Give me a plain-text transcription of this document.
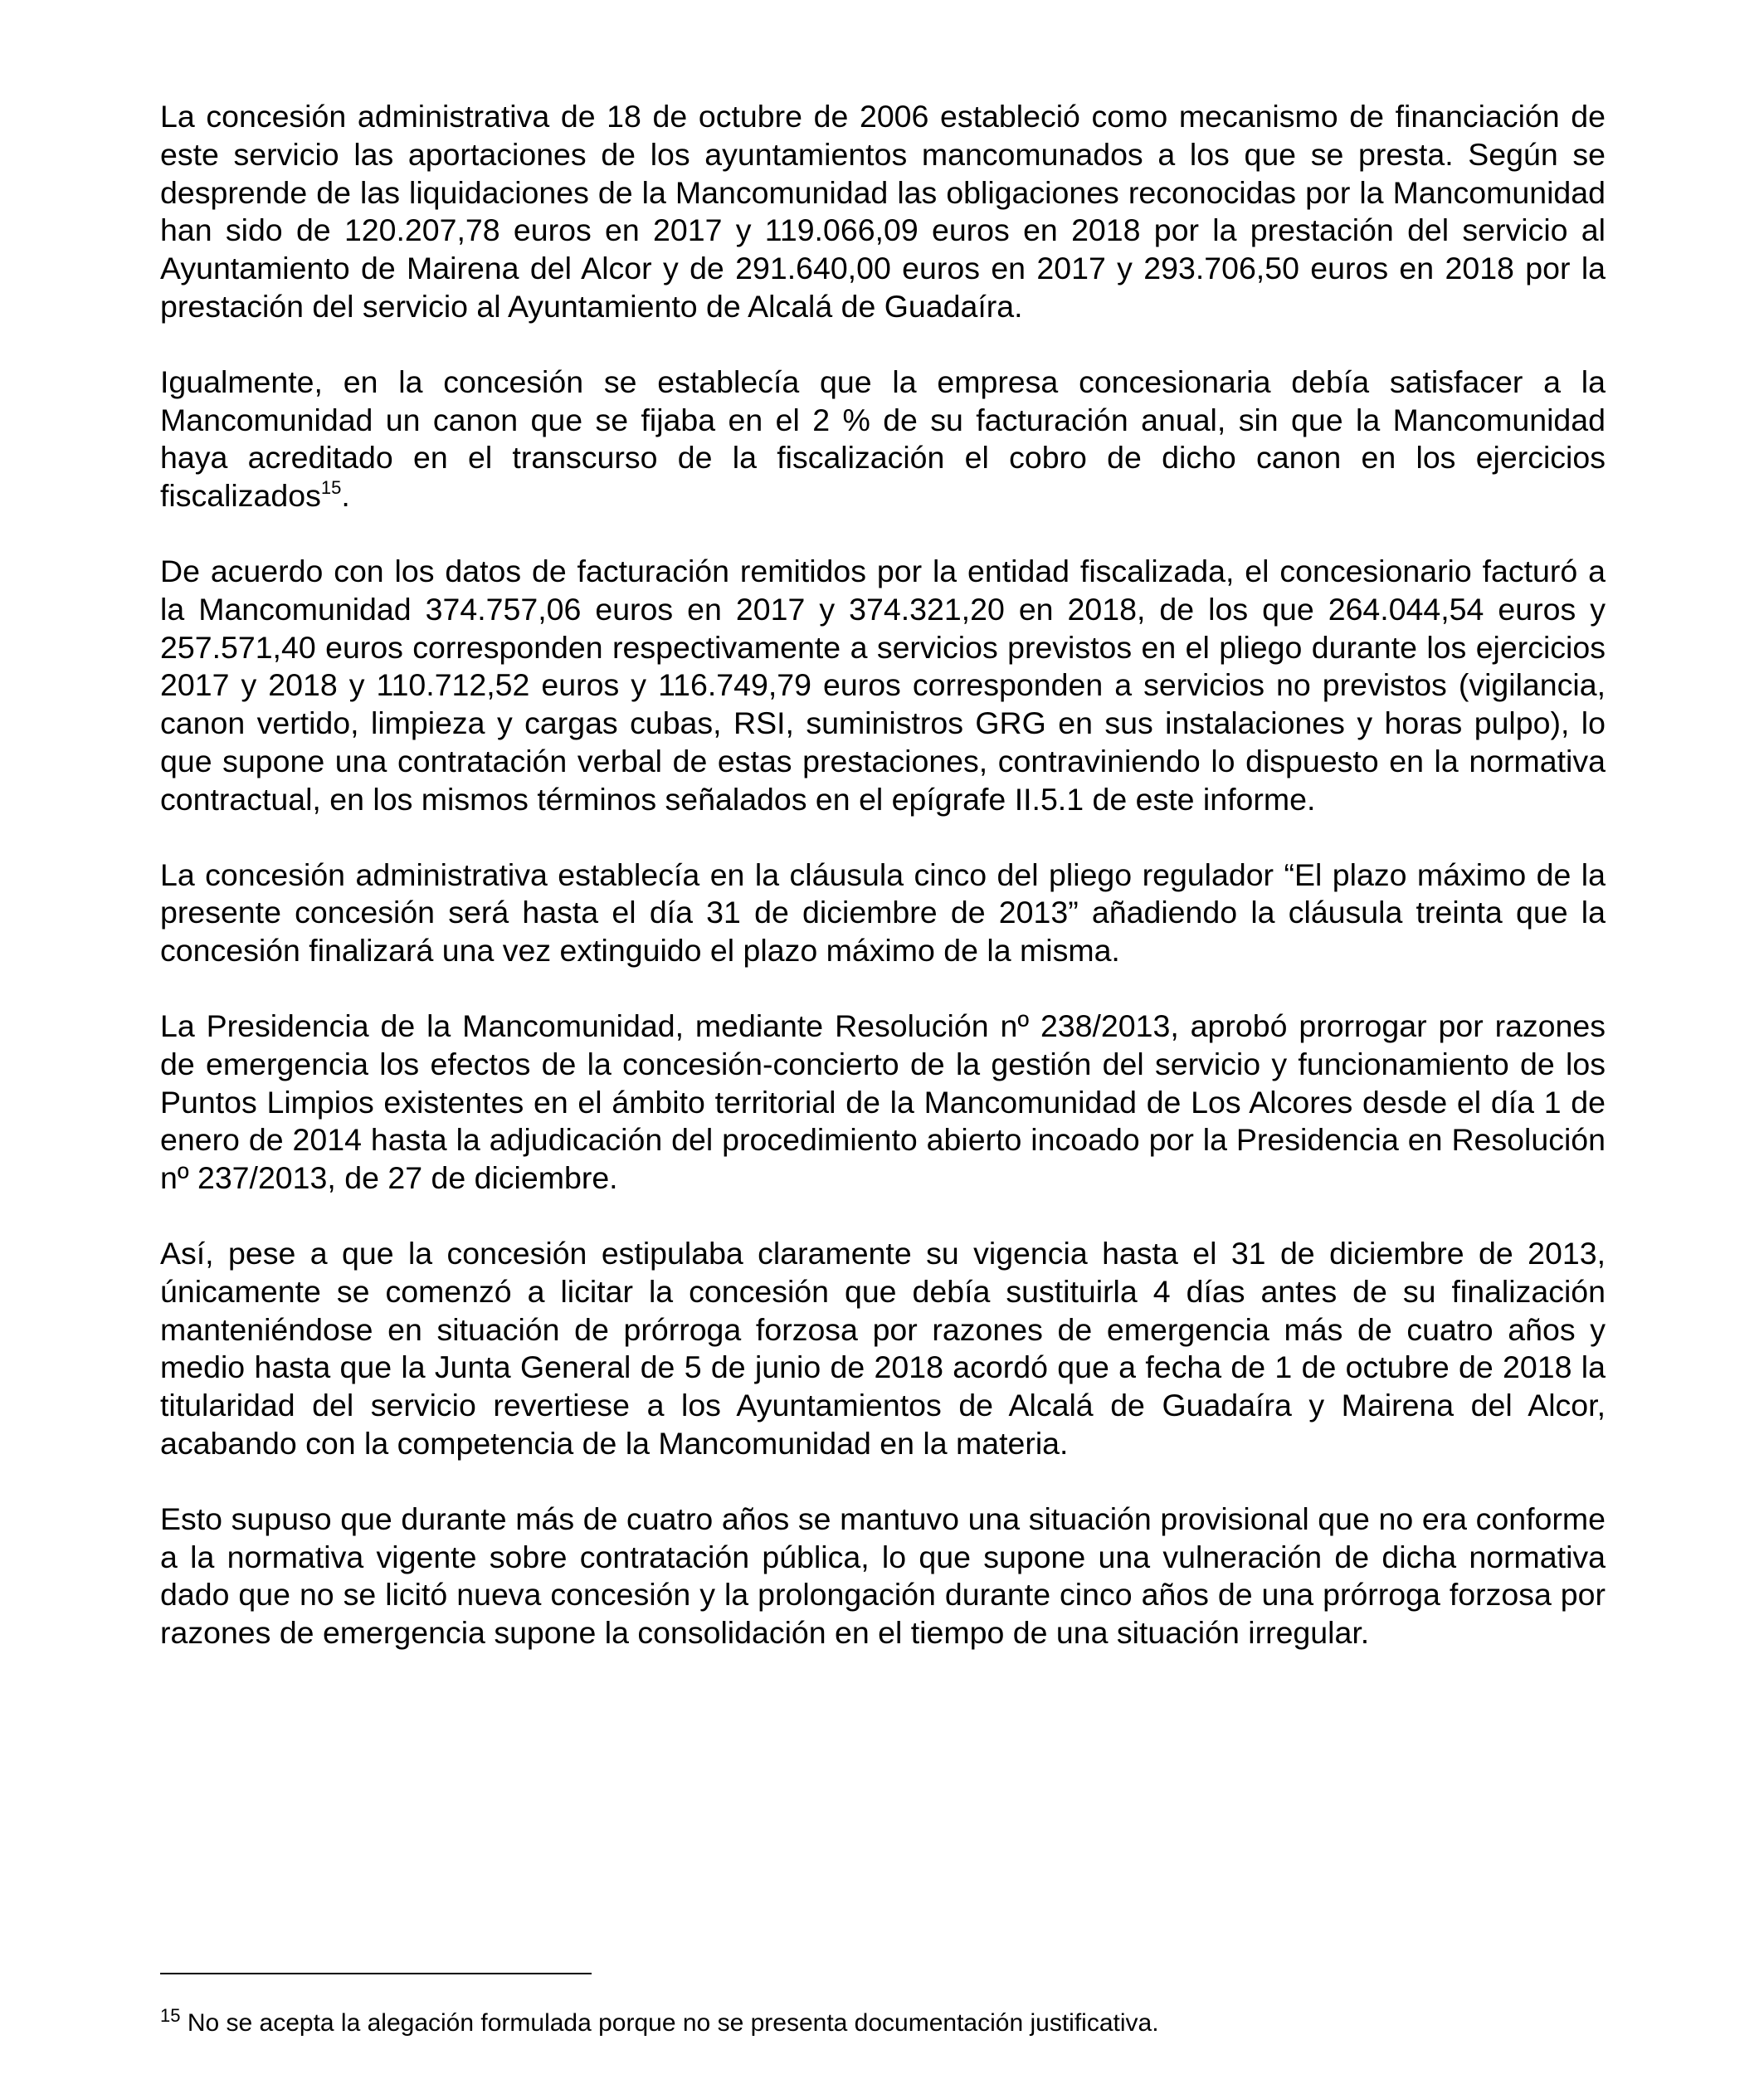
La concesión administrativa de 18 de octubre de 2006 estableció como mecanismo de financiación de este servicio las aportaciones de los ayuntamientos mancomunados a los que se presta. Según se desprende de las liquidaciones de la Mancomunidad las obligaciones reconocidas por la Mancomunidad han sido de 120.207,78 euros en 2017 y 119.066,09 euros en 2018 por la prestación del servicio al Ayuntamiento de Mairena del Alcor y de 291.640,00 euros en 2017 y 293.706,50 euros en 2018 por la prestación del servicio al Ayuntamiento de Alcalá de Guadaíra.

Igualmente, en la concesión se establecía que la empresa concesionaria debía satisfacer a la Mancomunidad un canon que se fijaba en el 2 % de su facturación anual, sin que la Mancomunidad haya acreditado en el transcurso de la fiscalización el cobro de dicho canon en los ejercicios fiscalizados$^{15}$.

De acuerdo con los datos de facturación remitidos por la entidad fiscalizada, el concesionario facturó a la Mancomunidad 374.757,06 euros en 2017 y 374.321,20 en 2018, de los que 264.044,54 euros y 257.571,40 euros corresponden respectivamente a servicios previstos en el pliego durante los ejercicios 2017 y 2018 y 110.712,52 euros y 116.749,79 euros corresponden a servicios no previstos (vigilancia, canon vertido, limpieza y cargas cubas, RSI, suministros GRG en sus instalaciones y horas pulpo), lo que supone una contratación verbal de estas prestaciones, contraviniendo lo dispuesto en la normativa contractual, en los mismos términos señalados en el epígrafe II.5.1 de este informe.

La concesión administrativa establecía en la cláusula cinco del pliego regulador “El plazo máximo de la presente concesión será hasta el día 31 de diciembre de 2013” añadiendo la cláusula treinta que la concesión finalizará una vez extinguido el plazo máximo de la misma.

La Presidencia de la Mancomunidad, mediante Resolución nº 238/2013, aprobó prorrogar por razones de emergencia los efectos de la concesión-concierto de la gestión del servicio y funcionamiento de los Puntos Limpios existentes en el ámbito territorial de la Mancomunidad de Los Alcores desde el día 1 de enero de 2014 hasta la adjudicación del procedimiento abierto incoado por la Presidencia en Resolución nº 237/2013, de 27 de diciembre.

Así, pese a que la concesión estipulaba claramente su vigencia hasta el 31 de diciembre de 2013, únicamente se comenzó a licitar la concesión que debía sustituirla 4 días antes de su finalización manteniéndose en situación de prórroga forzosa por razones de emergencia más de cuatro años y medio hasta que la Junta General de 5 de junio de 2018 acordó que a fecha de 1 de octubre de 2018 la titularidad del servicio revertiese a los Ayuntamientos de Alcalá de Guadaíra y Mairena del Alcor, acabando con la competencia de la Mancomunidad en la materia.

Esto supuso que durante más de cuatro años se mantuvo una situación provisional que no era conforme a la normativa vigente sobre contratación pública, lo que supone una vulneración de dicha normativa dado que no se licitó nueva concesión y la prolongación durante cinco años de una prórroga forzosa por razones de emergencia supone la consolidación en el tiempo de una situación irregular.

$^{15}$ No se acepta la alegación formulada porque no se presenta documentación justificativa.
